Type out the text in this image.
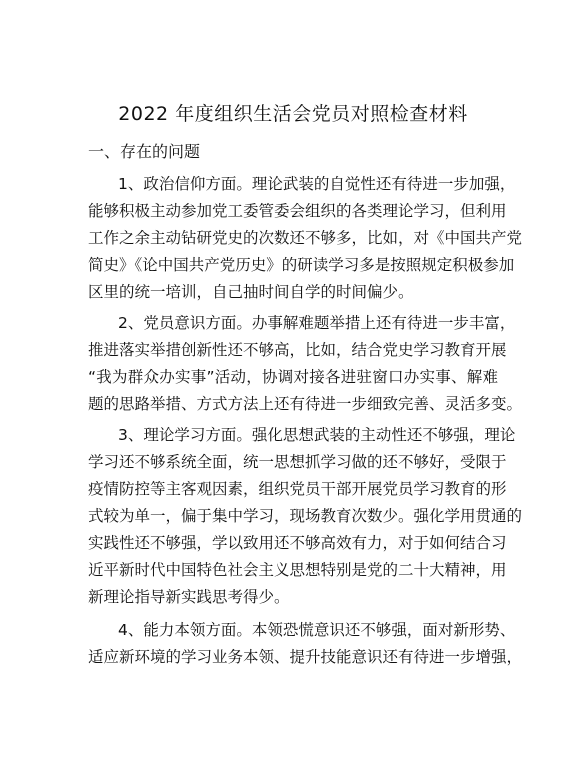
2022 年度组织生活会党员对照检查材料
一、存在的问题
1、政治信仰方面。理论武装的自觉性还有待进一步加强，
能够积极主动参加党工委管委会组织的各类理论学习，但利用
工作之余主动钻研党史的次数还不够多，比如，对《中国共产党
简史》《论中国共产党历史》的研读学习多是按照规定积极参加
区里的统一培训，自己抽时间自学的时间偏少。
2、党员意识方面。办事解难题举措上还有待进一步丰富，
推进落实举措创新性还不够高，比如，结合党史学习教育开展
“我为群众办实事”活动，协调对接各进驻窗口办实事、解难
题的思路举措、方式方法上还有待进一步细致完善、灵活多变。
3、理论学习方面。强化思想武装的主动性还不够强，理论
学习还不够系统全面，统一思想抓学习做的还不够好，受限于
疫情防控等主客观因素，组织党员干部开展党员学习教育的形
式较为单一，偏于集中学习，现场教育次数少。强化学用贯通的
实践性还不够强，学以致用还不够高效有力，对于如何结合习
近平新时代中国特色社会主义思想特别是党的二十大精神，用
新理论指导新实践思考得少。
4、能力本领方面。本领恐慌意识还不够强，面对新形势、
适应新环境的学习业务本领、提升技能意识还有待进一步增强，
